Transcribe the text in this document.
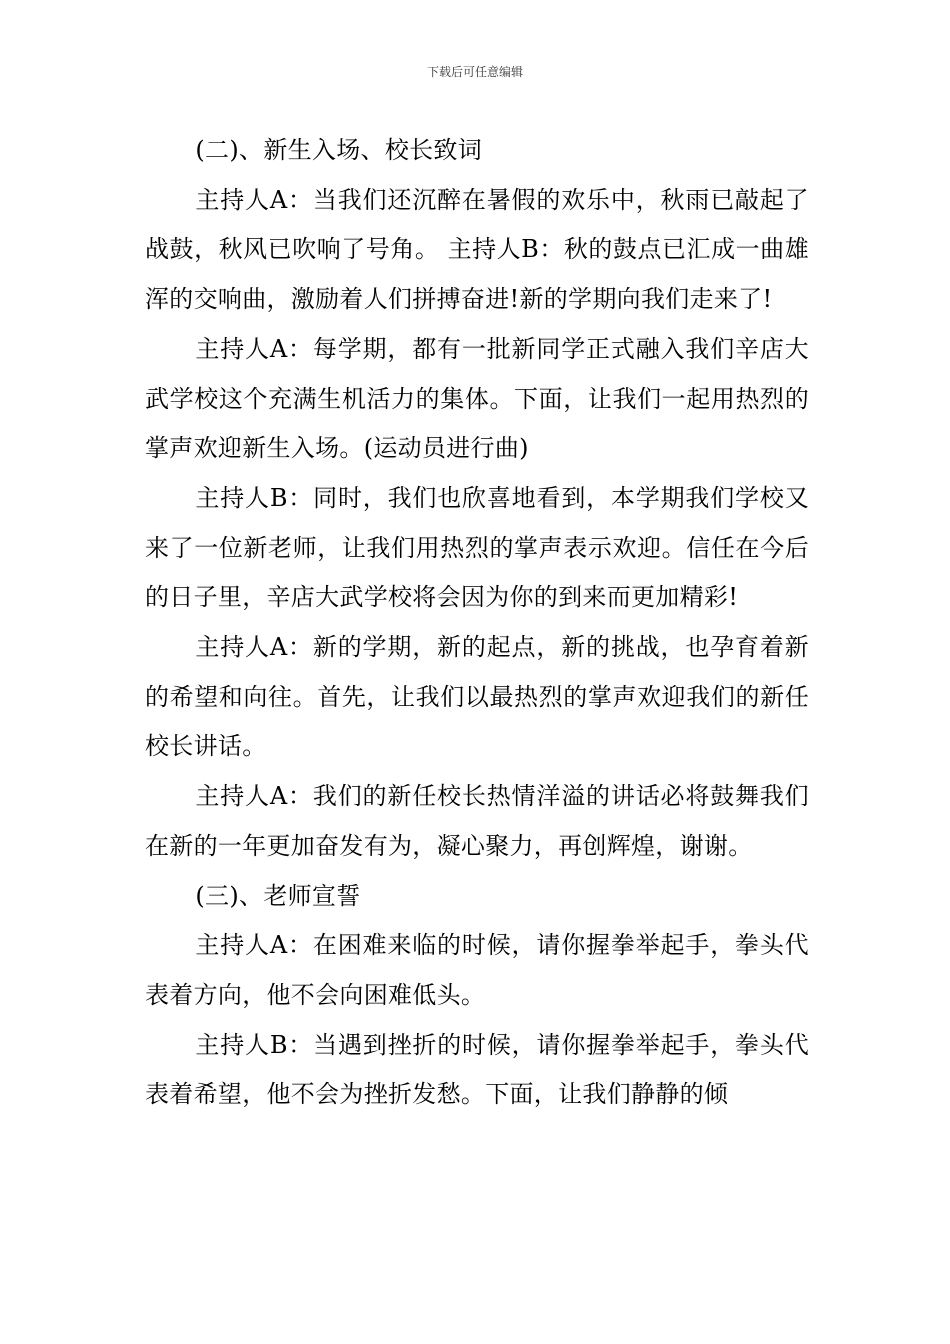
下载后可任意编辑

(二)、新生入场、校长致词

主持人A：当我们还沉醉在暑假的欢乐中，秋雨已敲起了战鼓，秋风已吹响了号角。 主持人B：秋的鼓点已汇成一曲雄浑的交响曲，激励着人们拼搏奋进!新的学期向我们走来了!

主持人A：每学期，都有一批新同学正式融入我们辛店大武学校这个充满生机活力的集体。下面，让我们一起用热烈的掌声欢迎新生入场。(运动员进行曲)

主持人B：同时，我们也欣喜地看到，本学期我们学校又来了一位新老师，让我们用热烈的掌声表示欢迎。信任在今后的日子里，辛店大武学校将会因为你的到来而更加精彩!

主持人A：新的学期，新的起点，新的挑战，也孕育着新的希望和向往。首先，让我们以最热烈的掌声欢迎我们的新任校长讲话。

主持人A：我们的新任校长热情洋溢的讲话必将鼓舞我们在新的一年更加奋发有为，凝心聚力，再创辉煌，谢谢。

(三)、老师宣誓

主持人A：在困难来临的时候，请你握拳举起手，拳头代表着方向，他不会向困难低头。

主持人B：当遇到挫折的时候，请你握拳举起手，拳头代表着希望，他不会为挫折发愁。下面，让我们静静的倾
